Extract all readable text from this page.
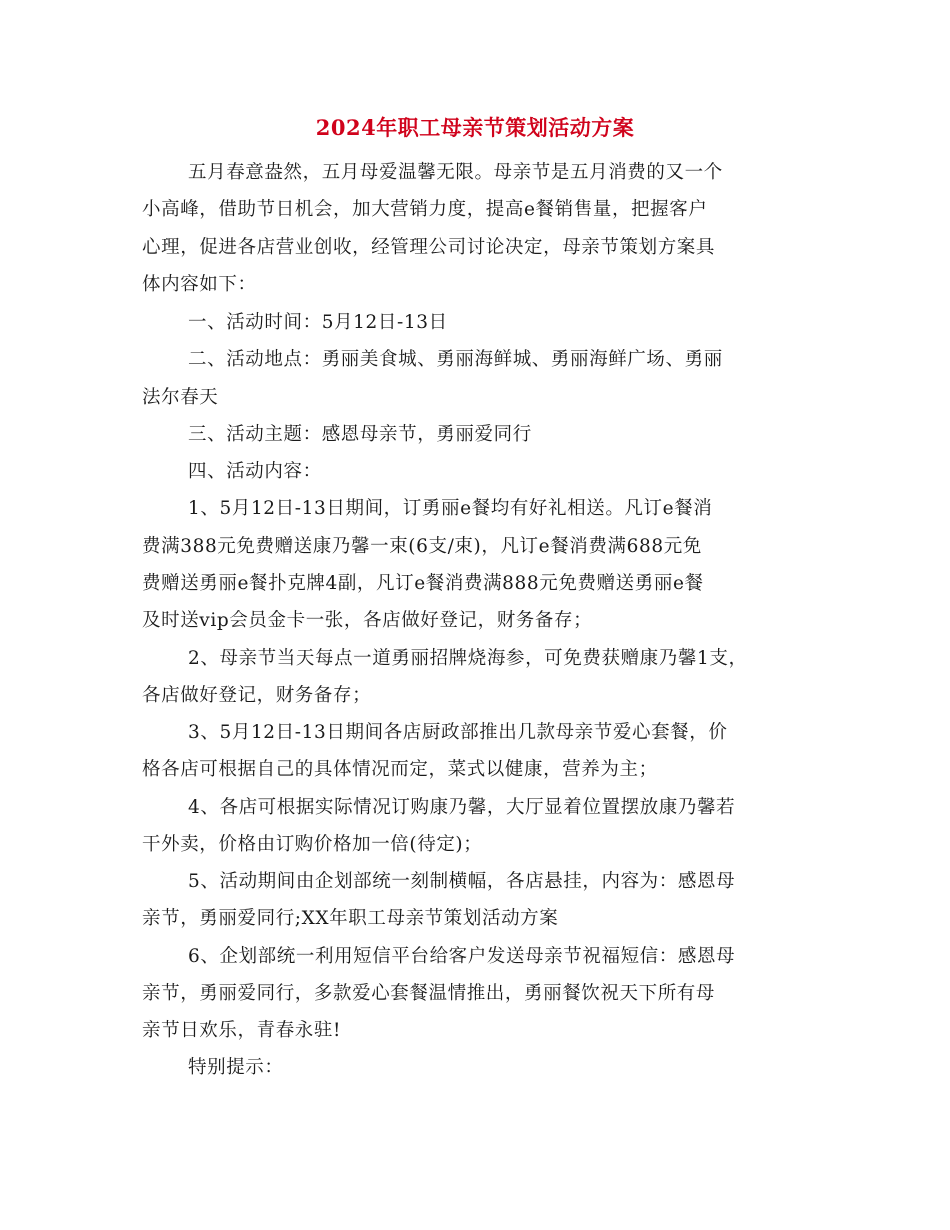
2024年职工母亲节策划活动方案
五月春意盎然，五月母爱温馨无限。母亲节是五月消费的又一个
小高峰，借助节日机会，加大营销力度，提高e餐销售量，把握客户
心理，促进各店营业创收，经管理公司讨论决定，母亲节策划方案具
体内容如下：
一、活动时间：5月12日-13日
二、活动地点：勇丽美食城、勇丽海鲜城、勇丽海鲜广场、勇丽
法尔春天
三、活动主题：感恩母亲节，勇丽爱同行
四、活动内容：
1、5月12日-13日期间，订勇丽e餐均有好礼相送。凡订e餐消
费满388元免费赠送康乃馨一束(6支/束)，凡订e餐消费满688元免
费赠送勇丽e餐扑克牌4副，凡订e餐消费满888元免费赠送勇丽e餐
及时送vip会员金卡一张，各店做好登记，财务备存；
2、母亲节当天每点一道勇丽招牌烧海参，可免费获赠康乃馨1支，
各店做好登记，财务备存；
3、5月12日-13日期间各店厨政部推出几款母亲节爱心套餐，价
格各店可根据自己的具体情况而定，菜式以健康，营养为主；
4、各店可根据实际情况订购康乃馨，大厅显着位置摆放康乃馨若
干外卖，价格由订购价格加一倍(待定)；
5、活动期间由企划部统一刻制横幅，各店悬挂，内容为：感恩母
亲节，勇丽爱同行;XX年职工母亲节策划活动方案
6、企划部统一利用短信平台给客户发送母亲节祝福短信：感恩母
亲节，勇丽爱同行，多款爱心套餐温情推出，勇丽餐饮祝天下所有母
亲节日欢乐，青春永驻!
特别提示：
